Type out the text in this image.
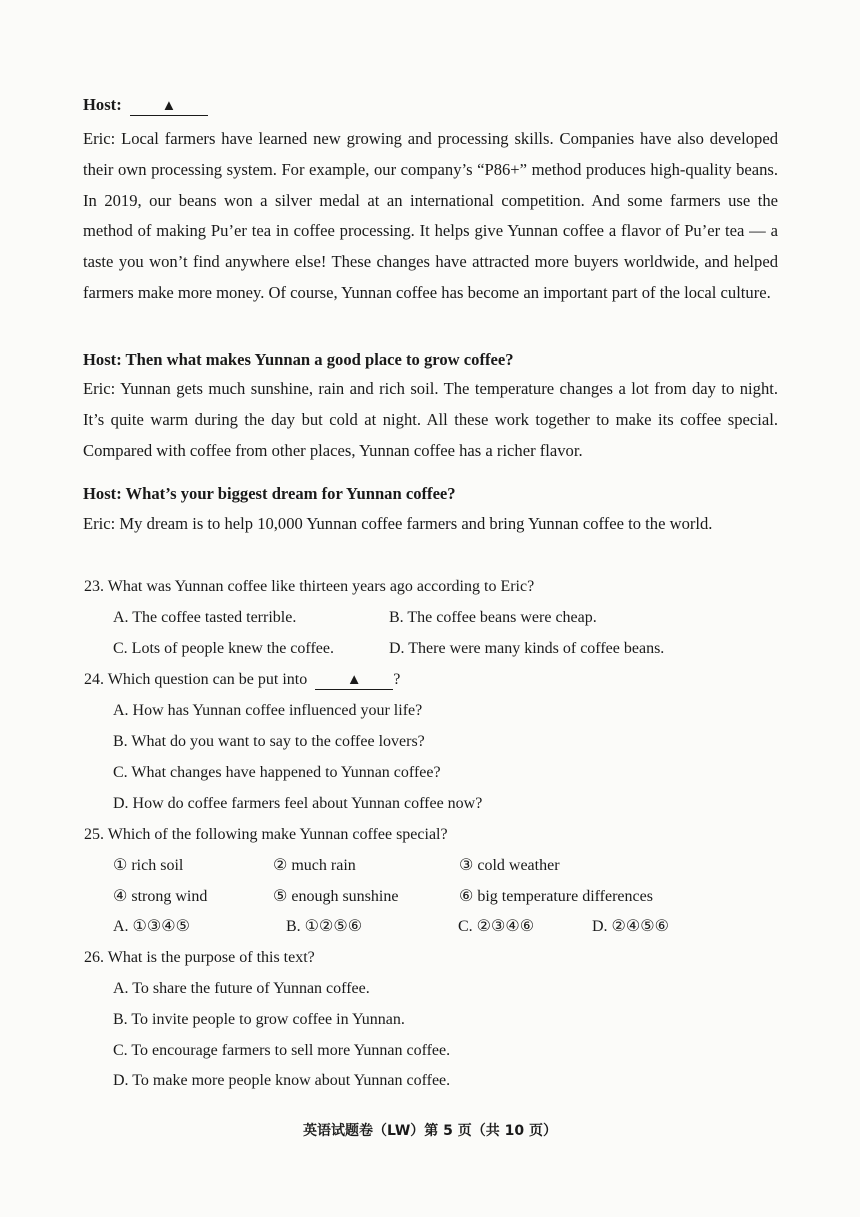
Host:	▲

Eric: Local farmers have learned new growing and processing skills. Companies have also developed their own processing system. For example, our company’s “P86+” method produces high-quality beans. In 2019, our beans won a silver medal at an international competition. And some farmers use the method of making Pu’er tea in coffee processing. It helps give Yunnan coffee a flavor of Pu’er tea — a taste you won’t find anywhere else! These changes have attracted more buyers worldwide, and helped farmers make more money. Of course, Yunnan coffee has become an important part of the local culture.

Host: Then what makes Yunnan a good place to grow coffee?

Eric: Yunnan gets much sunshine, rain and rich soil. The temperature changes a lot from day to night. It’s quite warm during the day but cold at night. All these work together to make its coffee special. Compared with coffee from other places, Yunnan coffee has a richer flavor.

Host: What’s your biggest dream for Yunnan coffee?

Eric: My dream is to help 10,000 Yunnan coffee farmers and bring Yunnan coffee to the world.

23. What was Yunnan coffee like thirteen years ago according to Eric?

A. The coffee tasted terrible.	B. The coffee beans were cheap.

C. Lots of people knew the coffee.	D. There were many kinds of coffee beans.

24. Which question can be put into	▲ ?

A. How has Yunnan coffee influenced your life?

B. What do you want to say to the coffee lovers?

C. What changes have happened to Yunnan coffee?

D. How do coffee farmers feel about Yunnan coffee now?

25. Which of the following make Yunnan coffee special?

① rich soil	② much rain	③ cold weather

④ strong wind	⑤ enough sunshine	⑥ big temperature differences

A. ①③④⑤	B. ①②⑤⑥	C. ②③④⑥	D. ②④⑤⑥

26. What is the purpose of this text?

A. To share the future of Yunnan coffee.

B. To invite people to grow coffee in Yunnan.

C. To encourage farmers to sell more Yunnan coffee.

D. To make more people know about Yunnan coffee.

英语试题卷（LW）第 5 页（共 10 页）
